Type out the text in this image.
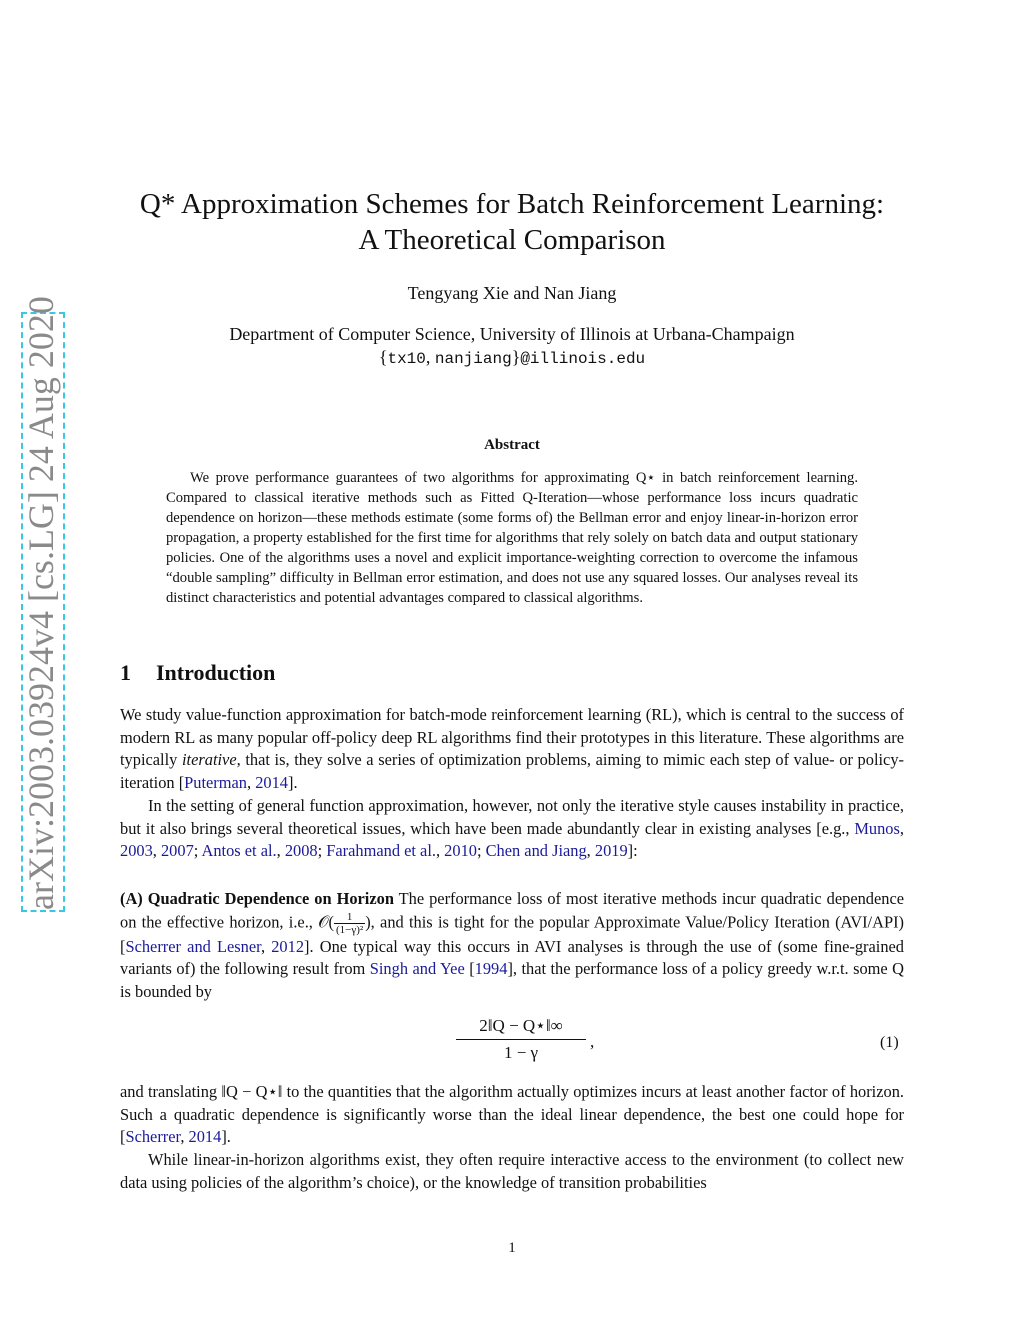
arXiv:2003.03924v4 [cs.LG] 24 Aug 2020
Q* Approximation Schemes for Batch Reinforcement Learning:
A Theoretical Comparison
Tengyang Xie and Nan Jiang
Department of Computer Science, University of Illinois at Urbana-Champaign
{tx10, nanjiang}@illinois.edu
Abstract

We prove performance guarantees of two algorithms for approximating Q⋆ in batch reinforcement learning. Compared to classical iterative methods such as Fitted Q-Iteration—whose performance loss incurs quadratic dependence on horizon—these methods estimate (some forms of) the Bellman error and enjoy linear-in-horizon error propagation, a property established for the first time for algorithms that rely solely on batch data and output stationary policies. One of the algorithms uses a novel and explicit importance-weighting correction to overcome the infamous “double sampling” difficulty in Bellman error estimation, and does not use any squared losses. Our analyses reveal its distinct characteristics and potential advantages compared to classical algorithms.

1 Introduction

We study value-function approximation for batch-mode reinforcement learning (RL), which is central to the success of modern RL as many popular off-policy deep RL algorithms find their prototypes in this literature. These algorithms are typically iterative, that is, they solve a series of optimization problems, aiming to mimic each step of value- or policy-iteration [Puterman, 2014].

In the setting of general function approximation, however, not only the iterative style causes instability in practice, but it also brings several theoretical issues, which have been made abundantly clear in existing analyses [e.g., Munos, 2003, 2007; Antos et al., 2008; Farahmand et al., 2010; Chen and Jiang, 2019]:

(A) Quadratic Dependence on Horizon The performance loss of most iterative methods incur quadratic dependence on the effective horizon, i.e., 𝒪( $\frac{1}{\text{(1−γ)²}}$ ), and this is tight for the popular Approximate Value/Policy Iteration (AVI/API) [Scherrer and Lesner, 2012]. One typical way this occurs in AVI analyses is through the use of (some fine-grained variants of) the following result from Singh and Yee [1994], that the performance loss of a policy greedy w.r.t. some Q is bounded by

$\frac{2‖Q - Q⋆‖\infty}{1 - \gamma}$ ,	(1)

and translating ‖Q − Q⋆‖ to the quantities that the algorithm actually optimizes incurs at least another factor of horizon. Such a quadratic dependence is significantly worse than the ideal linear dependence, the best one could hope for [Scherrer, 2014].

While linear-in-horizon algorithms exist, they often require interactive access to the environment (to collect new data using policies of the algorithm’s choice), or the knowledge of transition probabilities

1
